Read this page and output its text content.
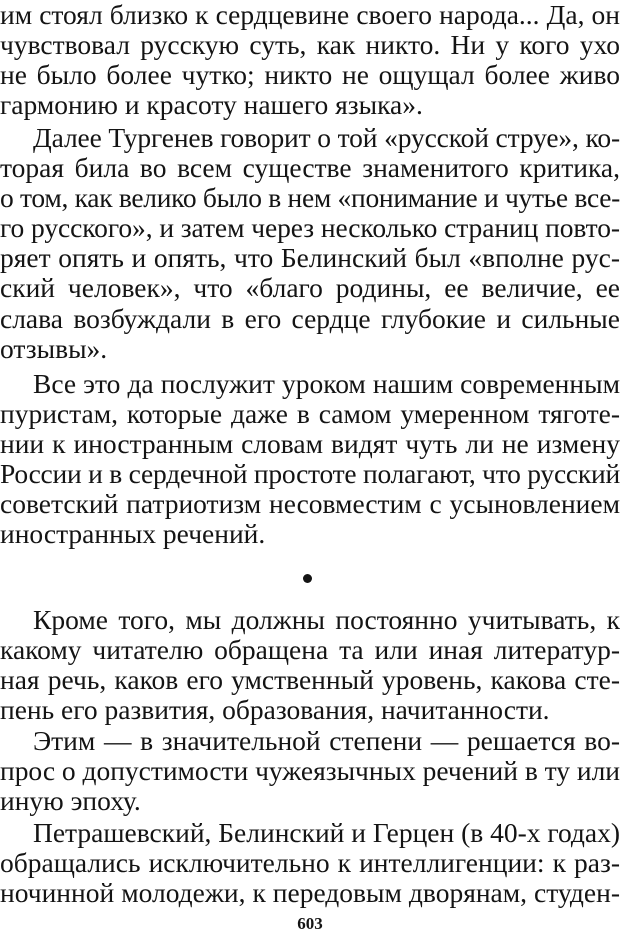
им стоял близко к сердцевине своего народа... Да, он
чувствовал русскую суть, как никто. Ни у кого ухо
не было более чутко; никто не ощущал более живо
гармонию и красоту нашего языка».
Далее Тургенев говорит о той «русской струе», ко-
торая била во всем существе знаменитого критика,
о том, как велико было в нем «понимание и чутье все-
го русского», и затем через несколько страниц повто-
ряет опять и опять, что Белинский был «вполне рус-
ский человек», что «благо родины, ее величие, ее
слава возбуждали в его сердце глубокие и сильные
отзывы».
Все это да послужит уроком нашим современным
пуристам, которые даже в самом умеренном тяготе-
нии к иностранным словам видят чуть ли не измену
России и в сердечной простоте полагают, что русский
советский патриотизм несовместим с усыновлением
иностранных речений.
Кроме того, мы должны постоянно учитывать, к
какому читателю обращена та или иная литератур-
ная речь, каков его умственный уровень, какова сте-
пень его развития, образования, начитанности.
Этим — в значительной степени — решается во-
прос о допустимости чужеязычных речений в ту или
иную эпоху.
Петрашевский, Белинский и Герцен (в 40-х годах)
обращались исключительно к интеллигенции: к раз-
ночинной молодежи, к передовым дворянам, студен-
603
